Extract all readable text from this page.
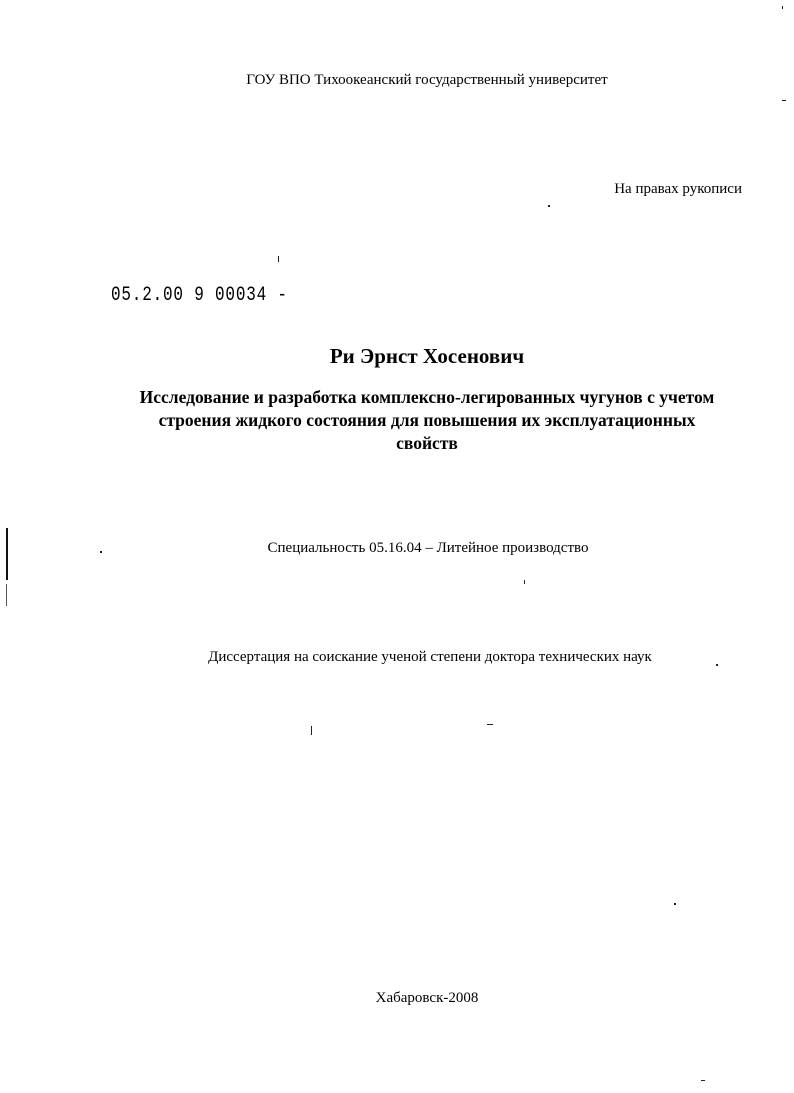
ГОУ ВПО Тихоокеанский государственный университет
На правах рукописи
05.2.00 9 00034 -
Ри Эрнст Хосенович
Исследование и разработка комплексно-легированных чугунов с учетом
строения жидкого состояния для повышения их эксплуатационных
свойств
Специальность 05.16.04 – Литейное производство
Диссертация на соискание ученой степени доктора технических наук
Хабаровск-2008
